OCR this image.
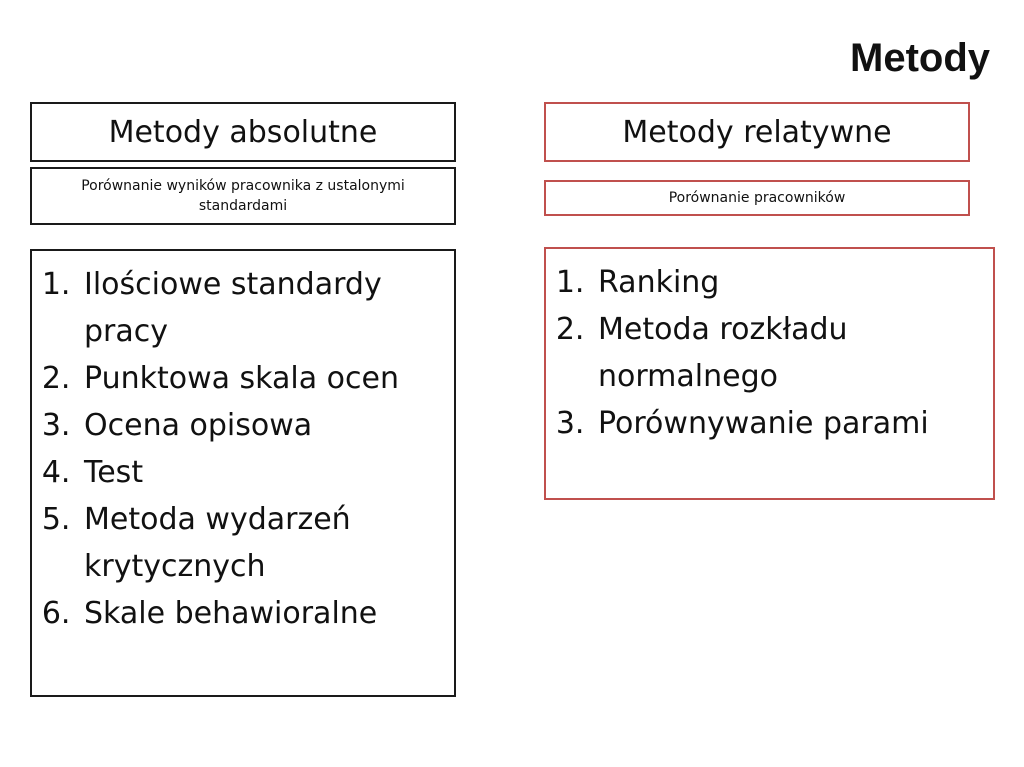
Metody
Metody absolutne
Porównanie wyników pracownika z ustalonymi standardami
1. Ilościowe standardy pracy
2. Punktowa skala ocen
3. Ocena opisowa
4. Test
5. Metoda wydarzeń krytycznych
6. Skale behawioralne
Metody relatywne
Porównanie pracowników
1. Ranking
2. Metoda rozkładu normalnego
3. Porównywanie parami
